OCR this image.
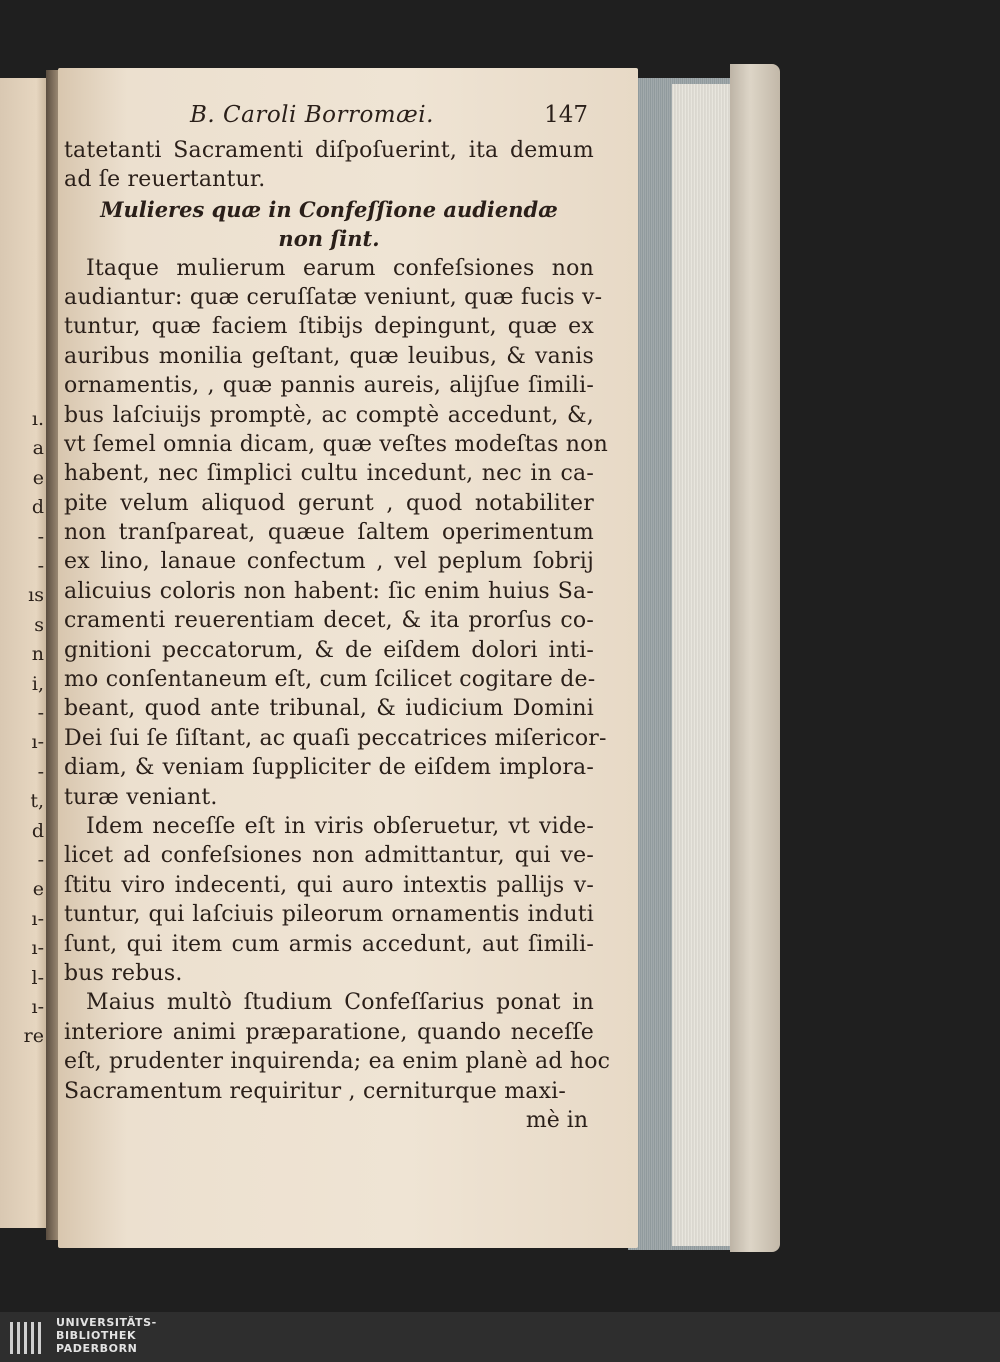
ı.
a
e
d
-
-
ıs
s
n
i,
-
ı-
-
t,
d
-
e
ı-
ı-
l-
ı-
re
B. Caroli Borromæi.	147
tatetanti Sacramenti diſpoſuerint, ita demum
ad ſe reuertantur.
Mulieres quæ in Confeſſione audiendæ
non ſint.
Itaque mulierum earum confeſsiones non
audiantur: quæ ceruſſatæ veniunt, quæ fucis v-
tuntur, quæ faciem ſtibijs depingunt, quæ ex
auribus monilia geſtant, quæ leuibus, & vanis
ornamentis, , quæ pannis aureis, alijſue ſimili-
bus laſciuijs promptè, ac comptè accedunt, &,
vt ſemel omnia dicam, quæ veſtes modeſtas non
habent, nec ſimplici cultu incedunt, nec in ca-
pite velum aliquod gerunt , quod notabiliter
non tranſpareat, quæue ſaltem operimentum
ex lino, lanaue confectum , vel peplum ſobrij
alicuius coloris non habent: ſic enim huius Sa-
cramenti reuerentiam decet, & ita prorſus co-
gnitioni peccatorum, & de eiſdem dolori inti-
mo conſentaneum eſt, cum ſcilicet cogitare de-
beant, quod ante tribunal, & iudicium Domini
Dei ſui ſe ſiſtant, ac quaſi peccatrices miſericor-
diam, & veniam ſuppliciter de eiſdem implora-
turæ veniant.
Idem neceſſe eſt in viris obſeruetur, vt vide-
licet ad confeſsiones non admittantur, qui ve-
ſtitu viro indecenti, qui auro intextis pallijs v-
tuntur, qui laſciuis pileorum ornamentis induti
ſunt, qui item cum armis accedunt, aut ſimili-
bus rebus.
Maius multò ſtudium Confeſſarius ponat in
interiore animi præparatione, quando neceſſe
eſt, prudenter inquirenda; ea enim planè ad hoc
Sacramentum requiritur , cerniturque maxi-
mè in
UNIVERSITÄTS-
BIBLIOTHEK
PADERBORN
